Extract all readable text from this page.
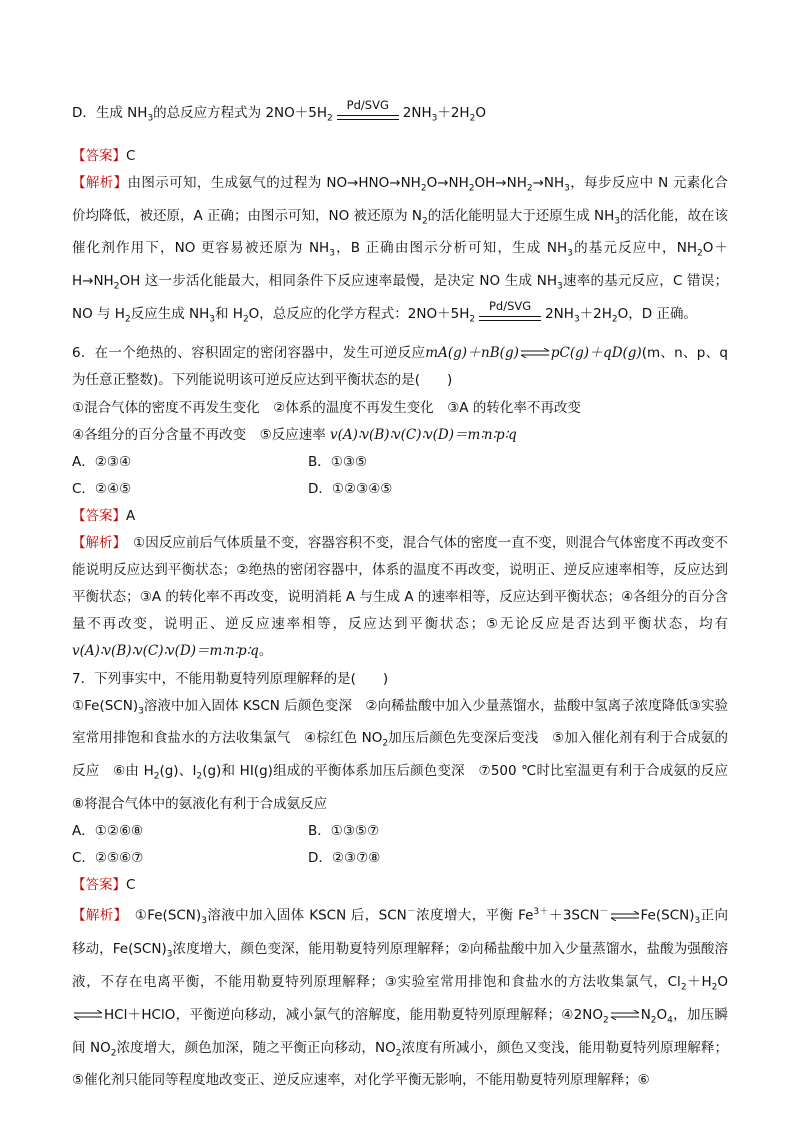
D．生成 $NH_3$的总反应方程式为 $2NO+5H_2$
Pd/SVG	$2NH_3+2H_2O$
【答案】C
【解析】由图示可知，生成氨气的过程为 $NO\to HNO\to NH_2O\to NH_2OH\to NH_2\to NH_3$，每步反应中 N 元素化合价均降低，被还原，A 正确；由图示可知，NO 被还原为 $N_2$的活化能明显大于还原生成 $NH_3$的活化能，故在该催化剂作用下，NO 更容易被还原为 $NH_3$，B 正确由图示分析可知，生成 $NH_3$的基元反应中，$NH_2O+H\to NH_2OH$ 这一步活化能最大，相同条件下反应速率最慢，是决定 NO 生成 $NH_3$速率的基元反应，C 错误；NO 与 $H_2$反应生成 $NH_3$和 $H_2O$，总反应的化学方程式：$2NO+5H_2$
Pd/SVG	$2NH_3+2H_2O$，D 正确。
6．在一个绝热的、容积固定的密闭容器中，发生可逆反应mA(g)＋nB(g)⇌pC(g)＋qD(g)(m、n、p、q 为任意正整数)。下列能说明该可逆反应达到平衡状态的是(　　)
①混合气体的密度不再发生变化　②体系的温度不再发生变化　③A 的转化率不再改变
④各组分的百分含量不再改变　⑤反应速率 v(A)∶v(B)∶v(C)∶v(D)＝m∶n∶p∶q
A．②③④	B．①③⑤
C．②④⑤	D．①②③④⑤
【答案】A
【解析】　①因反应前后气体质量不变，容器容积不变，混合气体的密度一直不变，则混合气体密度不再改变不能说明反应达到平衡状态；②绝热的密闭容器中，体系的温度不再改变，说明正、逆反应速率相等，反应达到平衡状态；③A 的转化率不再改变，说明消耗 A 与生成 A 的速率相等，反应达到平衡状态；④各组分的百分含量不再改变，说明正、逆反应速率相等，反应达到平衡状态；⑤无论反应是否达到平衡状态，均有 v(A)∶v(B)∶v(C)∶v(D)＝m∶n∶p∶q。
7．下列事实中，不能用勒夏特列原理解释的是(　　)
$①Fe(SCN)_3$溶液中加入固体 KSCN 后颜色变深　②向稀盐酸中加入少量蒸馏水，盐酸中氢离子浓度降低③实验室常用排饱和食盐水的方法收集氯气　④棕红色 $NO_2$加压后颜色先变深后变浅　⑤加入催化剂有利于合成氨的反应　⑥由 $H_2(g)$、$I_2(g)$和 HI(g)组成的平衡体系加压后颜色变深　⑦500 ℃时比室温更有利于合成氨的反应　⑧将混合气体中的氨液化有利于合成氨反应
A．①②⑥⑧	B．①③⑤⑦
C．②⑤⑥⑦	D．②③⑦⑧
【答案】C
【解析】　$①Fe(SCN)_3$溶液中加入固体 KSCN 后，SCN－浓度增大，平衡 $Fe^{3+}+3SCN^-\rightleftharpoons Fe(SCN)_3$正向移动，$Fe(SCN)_3$浓度增大，颜色变深，能用勒夏特列原理解释；②向稀盐酸中加入少量蒸馏水，盐酸为强酸溶液，不存在电离平衡，不能用勒夏特列原理解释；③实验室常用排饱和食盐水的方法收集氯气，$Cl_2+H_2O\rightleftharpoons HCl+HClO$，平衡逆向移动，减小氯气的溶解度，能用勒夏特列原理解释；$④2NO_2$ $\rightleftharpoons N_2O_4$，加压瞬间 $NO_2$浓度增大，颜色加深，随之平衡正向移动，$NO_2$浓度有所减小，颜色又变浅，能用勒夏特列原理解释；⑤催化剂只能同等程度地改变正、逆反应速率，对化学平衡无影响，不能用勒夏特列原理解释；⑥
